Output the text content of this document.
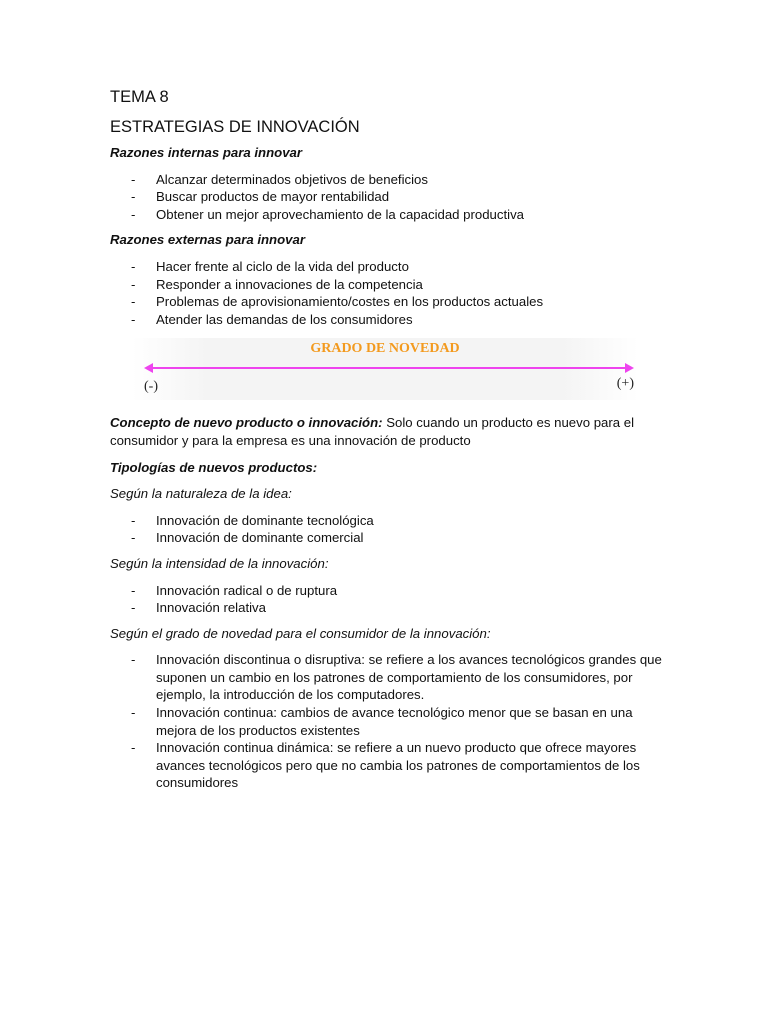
TEMA 8
ESTRATEGIAS DE INNOVACIÓN
Razones internas para innovar
- Alcanzar determinados objetivos de beneficios
- Buscar productos de mayor rentabilidad
- Obtener un mejor aprovechamiento de la capacidad productiva
Razones externas para innovar
- Hacer frente al ciclo de la vida del producto
- Responder a innovaciones de la competencia
- Problemas de aprovisionamiento/costes en los productos actuales
- Atender las demandas de los consumidores
GRADO DE NOVEDAD
(-)	(+)

Concepto de nuevo producto o innovación: Solo cuando un producto es nuevo para el consumidor y para la empresa es una innovación de producto

Tipologías de nuevos productos:
Según la naturaleza de la idea:
- Innovación de dominante tecnológica
- Innovación de dominante comercial
Según la intensidad de la innovación:
- Innovación radical o de ruptura
- Innovación relativa
Según el grado de novedad para el consumidor de la innovación:
- Innovación discontinua o disruptiva: se refiere a los avances tecnológicos grandes que suponen un cambio en los patrones de comportamiento de los consumidores, por ejemplo, la introducción de los computadores.
- Innovación continua: cambios de avance tecnológico menor que se basan en una mejora de los productos existentes
- Innovación continua dinámica: se refiere a un nuevo producto que ofrece mayores avances tecnológicos pero que no cambia los patrones de comportamientos de los consumidores
